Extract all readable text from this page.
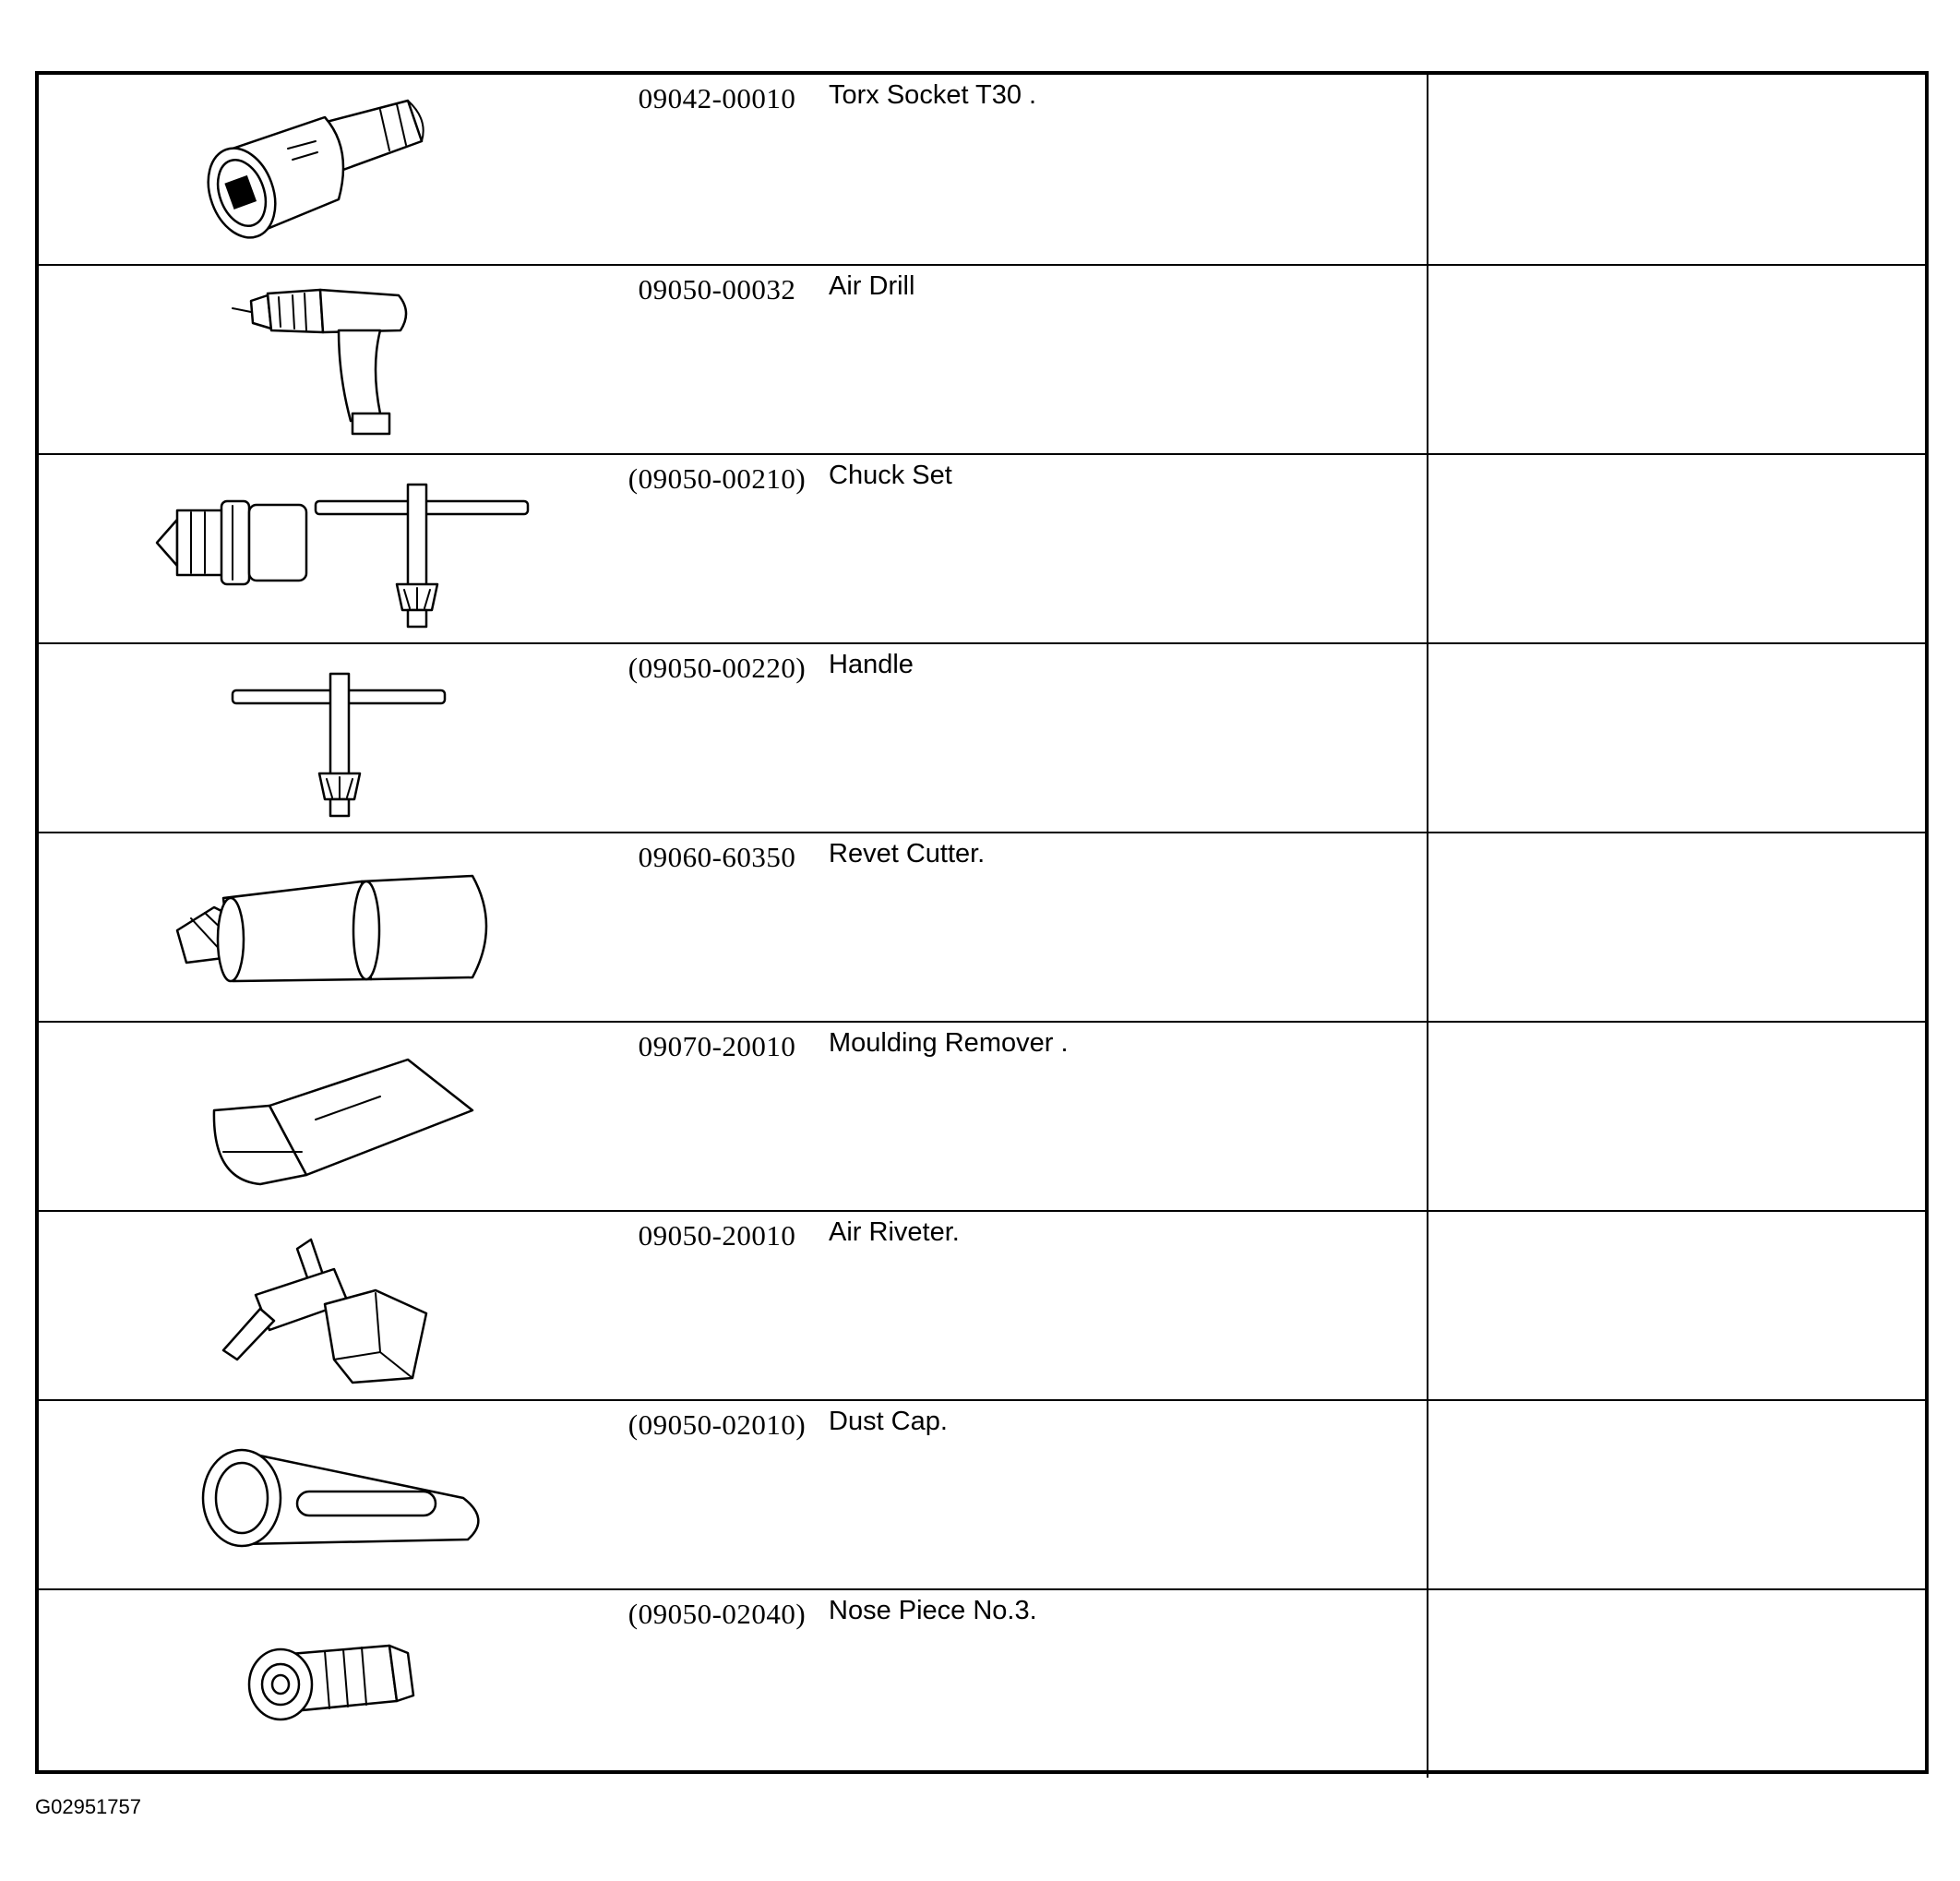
09042-00010	Torx Socket T30 .
09050-00032	Air Drill
(09050-00210) Chuck Set
(09050-00220) Handle
09060-60350	Revet Cutter.
09070-20010	Moulding Remover .
09050-20010	Air Riveter.
(09050-02010) Dust Cap.
(09050-02040) Nose Piece No.3.
G02951757
